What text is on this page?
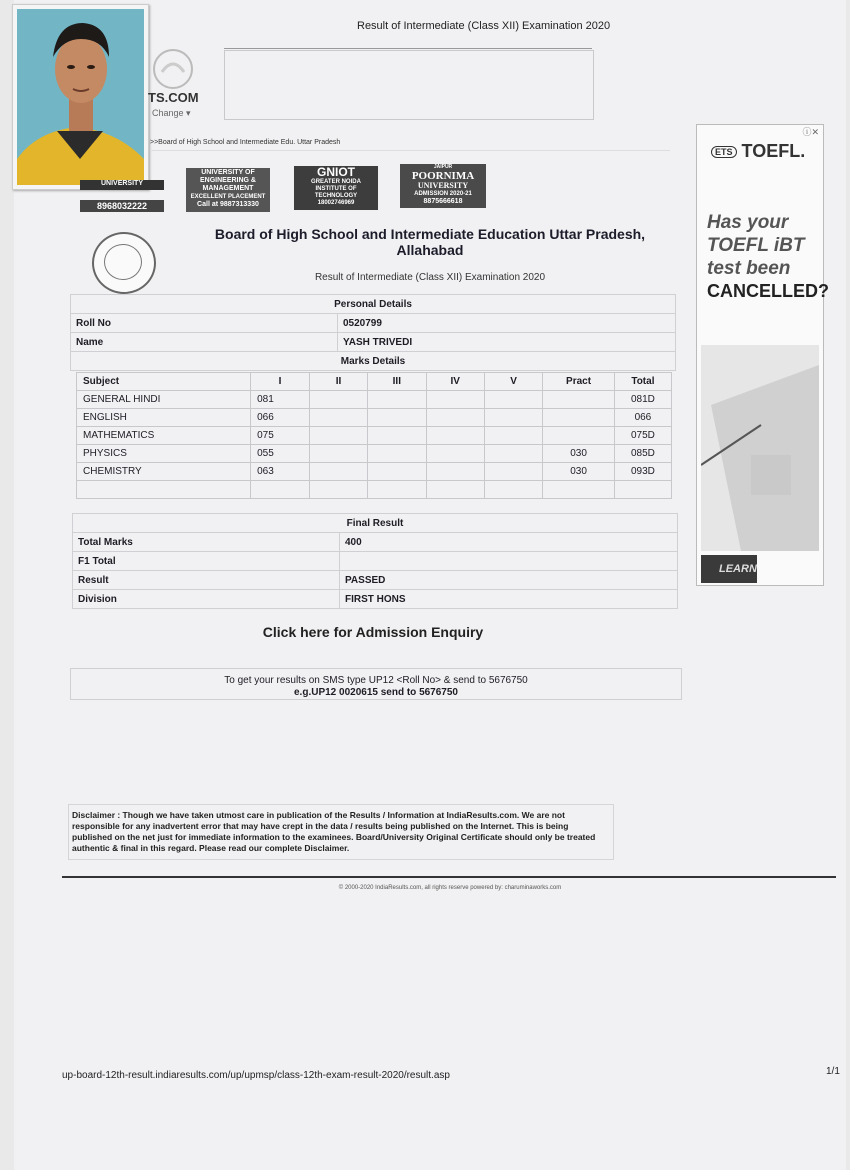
Result of Intermediate (Class XII) Examination 2020
TS.COM
Change ▾
>>Board of High School and Intermediate Edu. Uttar Pradesh
UNIVERSITY
8968032222
UNIVERSITY OF
ENGINEERING &
MANAGEMENT
EXCELLENT PLACEMENT
Call at 9887313330
GNIOT
GREATER NOIDA
INSTITUTE OF
TECHNOLOGY
18002746969
JAIPUR
POORNIMA
UNIVERSITY
ADMISSION 2020-21
8875666618
Board of High School and Intermediate Education Uttar Pradesh,
Allahabad
Result of Intermediate (Class XII) Examination 2020
Personal Details	
Roll No	0520799
Name	YASH TRIVEDI
Marks Details	
Subject	I	II	III	IV	V	Pract	Total
GENERAL HINDI	081						081D
ENGLISH	066						066
MATHEMATICS	075						075D
PHYSICS	055					030	085D
CHEMISTRY	063					030	093D

Final Result	
Total Marks	400
F1 Total	
Result	PASSED
Division	FIRST HONS
Click here for Admission Enquiry
To get your results on SMS type UP12 <Roll No> & send to 5676750
e.g.UP12 0020615 send to 5676750
Disclaimer : Though we have taken utmost care in publication of the Results / Information at IndiaResults.com. We are not responsible for any inadvertent error that may have crept in the data / results being published on the Internet. This is being published on the net just for immediate information to the examinees. Board/University Original Certificate should only be treated authentic & final in this regard. Please read our complete Disclaimer.
© 2000-2020 IndiaResults.com, all rights reserve powered by: charuminaworks.com
up-board-12th-result.indiaresults.com/up/upmsp/class-12th-exam-result-2020/result.asp	1/1
ⓘ✕
ETS TOEFL.
Has your
TOEFL iBT
test been
CANCELLED?
LEARN
